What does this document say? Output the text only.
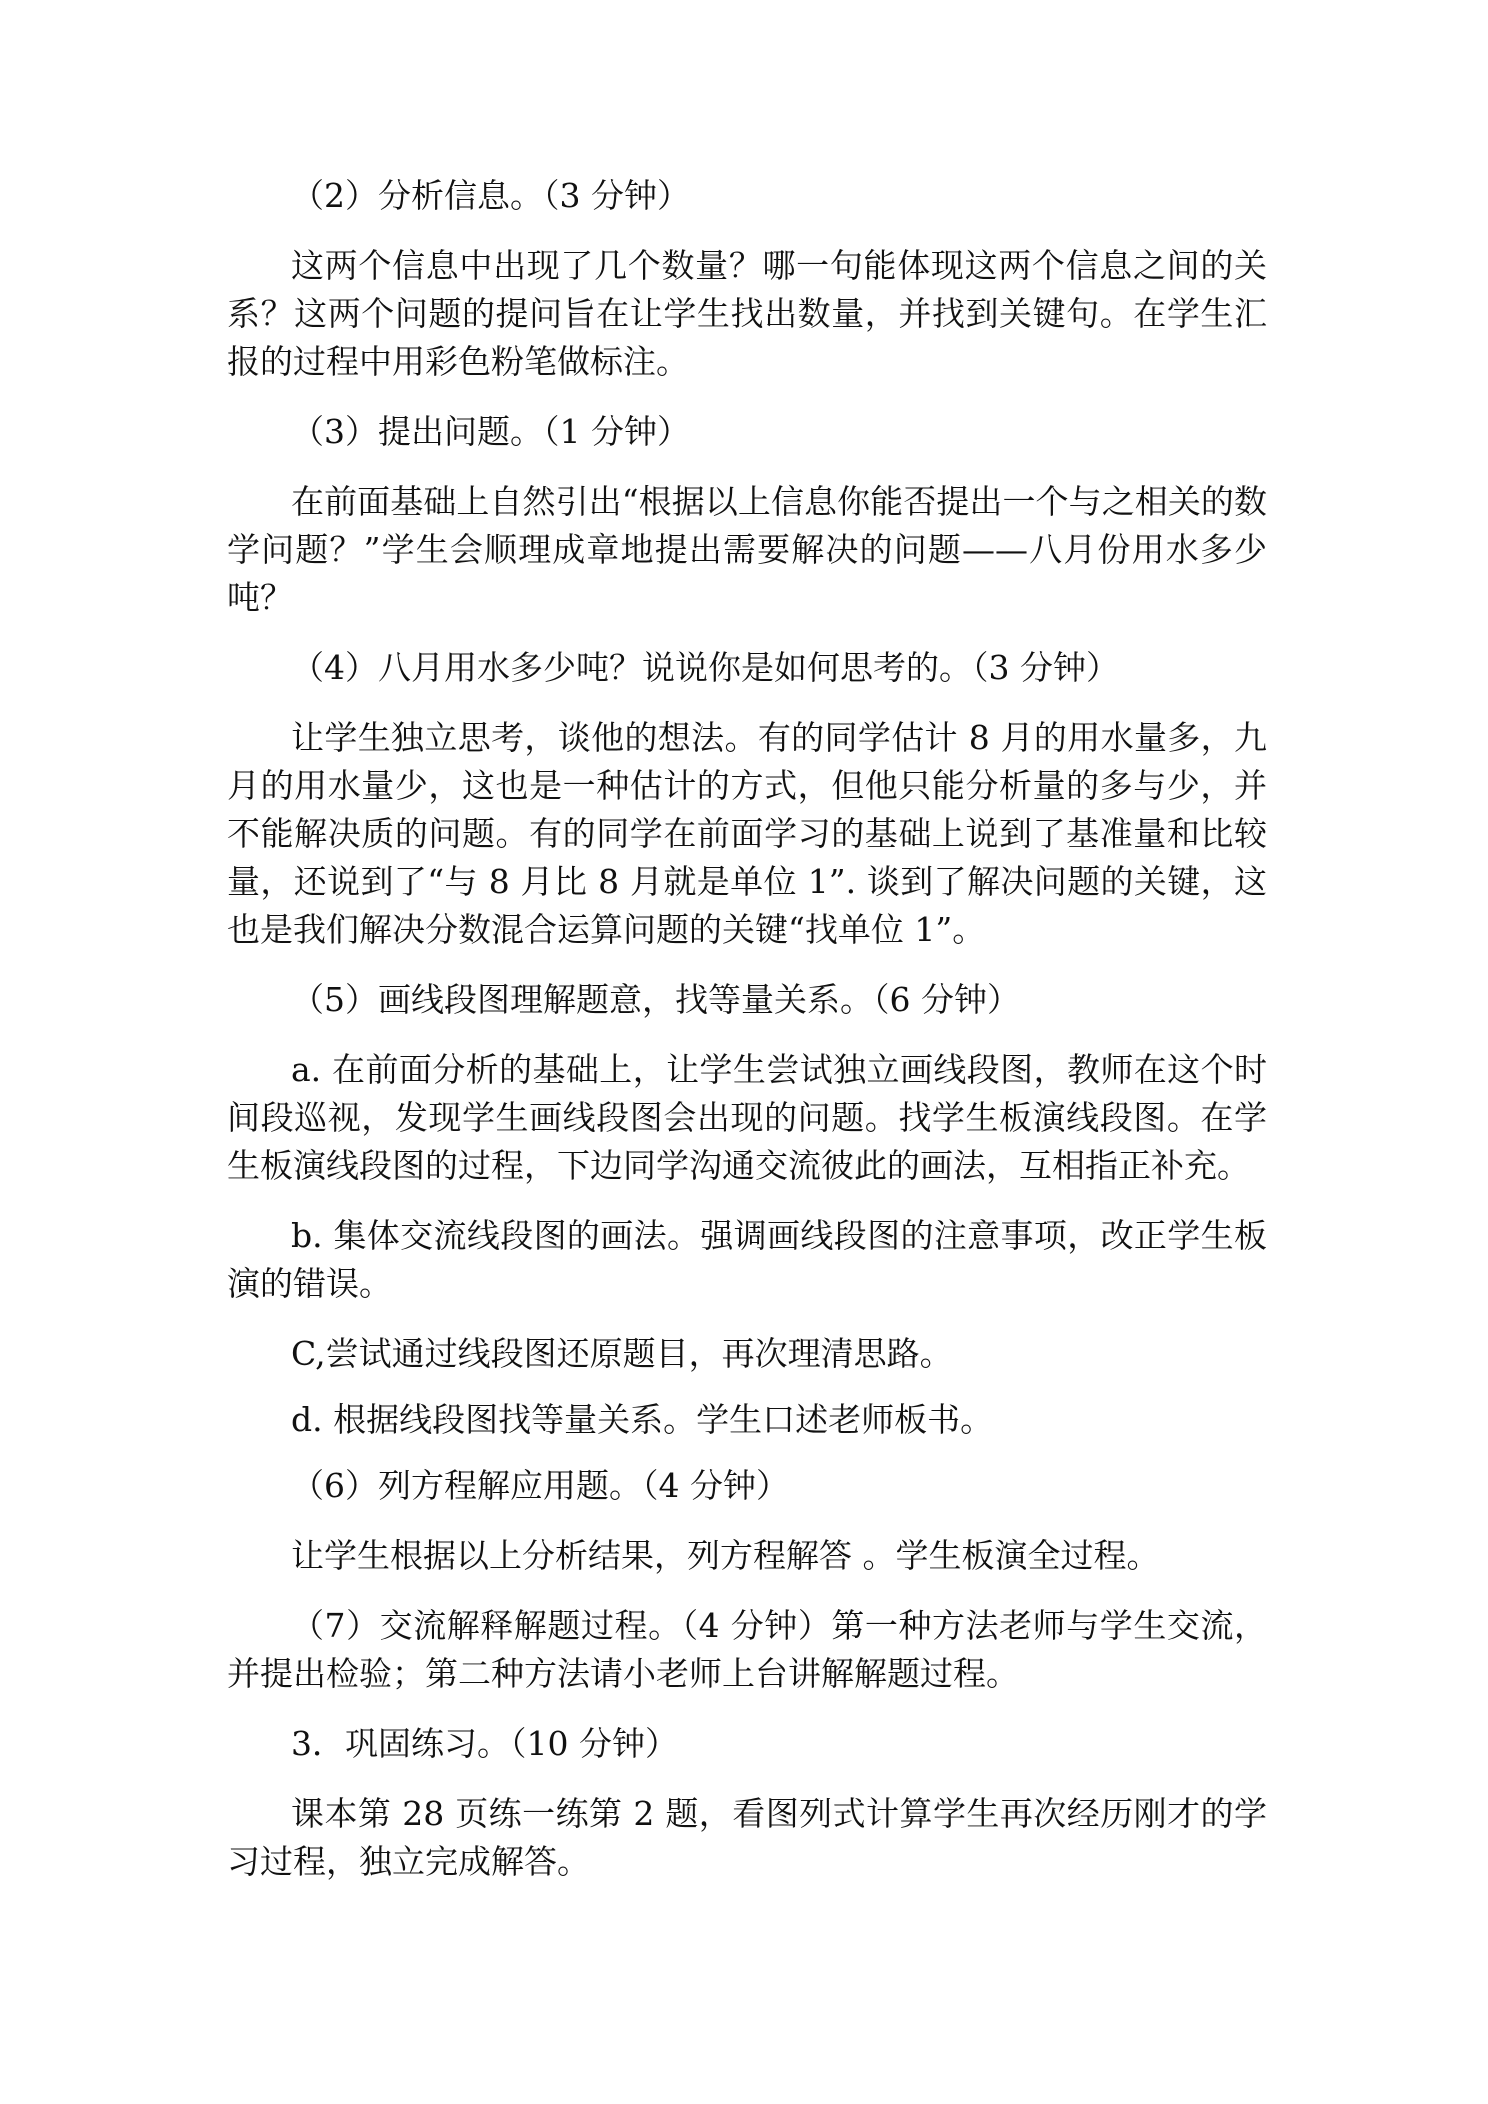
（2）分析信息。（3 分钟）

这两个信息中出现了几个数量？哪一句能体现这两个信息之间的关系？这两个问题的提问旨在让学生找出数量，并找到关键句。在学生汇报的过程中用彩色粉笔做标注。

（3）提出问题。（1 分钟）

在前面基础上自然引出“根据以上信息你能否提出一个与之相关的数学问题？”学生会顺理成章地提出需要解决的问题——八月份用水多少吨？

（4）八月用水多少吨？说说你是如何思考的。（3 分钟）

让学生独立思考，谈他的想法。有的同学估计 8 月的用水量多，九月的用水量少，这也是一种估计的方式，但他只能分析量的多与少，并不能解决质的问题。有的同学在前面学习的基础上说到了基准量和比较量，还说到了“与 8 月比 8 月就是单位 1”. 谈到了解决问题的关键，这也是我们解决分数混合运算问题的关键“找单位 1”。

（5）画线段图理解题意，找等量关系。（6 分钟）

a. 在前面分析的基础上，让学生尝试独立画线段图，教师在这个时间段巡视，发现学生画线段图会出现的问题。找学生板演线段图。在学生板演线段图的过程，下边同学沟通交流彼此的画法，互相指正补充。

b. 集体交流线段图的画法。强调画线段图的注意事项，改正学生板演的错误。

C,尝试通过线段图还原题目，再次理清思路。

d. 根据线段图找等量关系。学生口述老师板书。

（6）列方程解应用题。（4 分钟）

让学生根据以上分析结果，列方程解答 。学生板演全过程。

（7）交流解释解题过程。（4 分钟）第一种方法老师与学生交流，并提出检验；第二种方法请小老师上台讲解解题过程。

3．巩固练习。（10 分钟）

课本第 28 页练一练第 2 题，看图列式计算学生再次经历刚才的学习过程，独立完成解答。
